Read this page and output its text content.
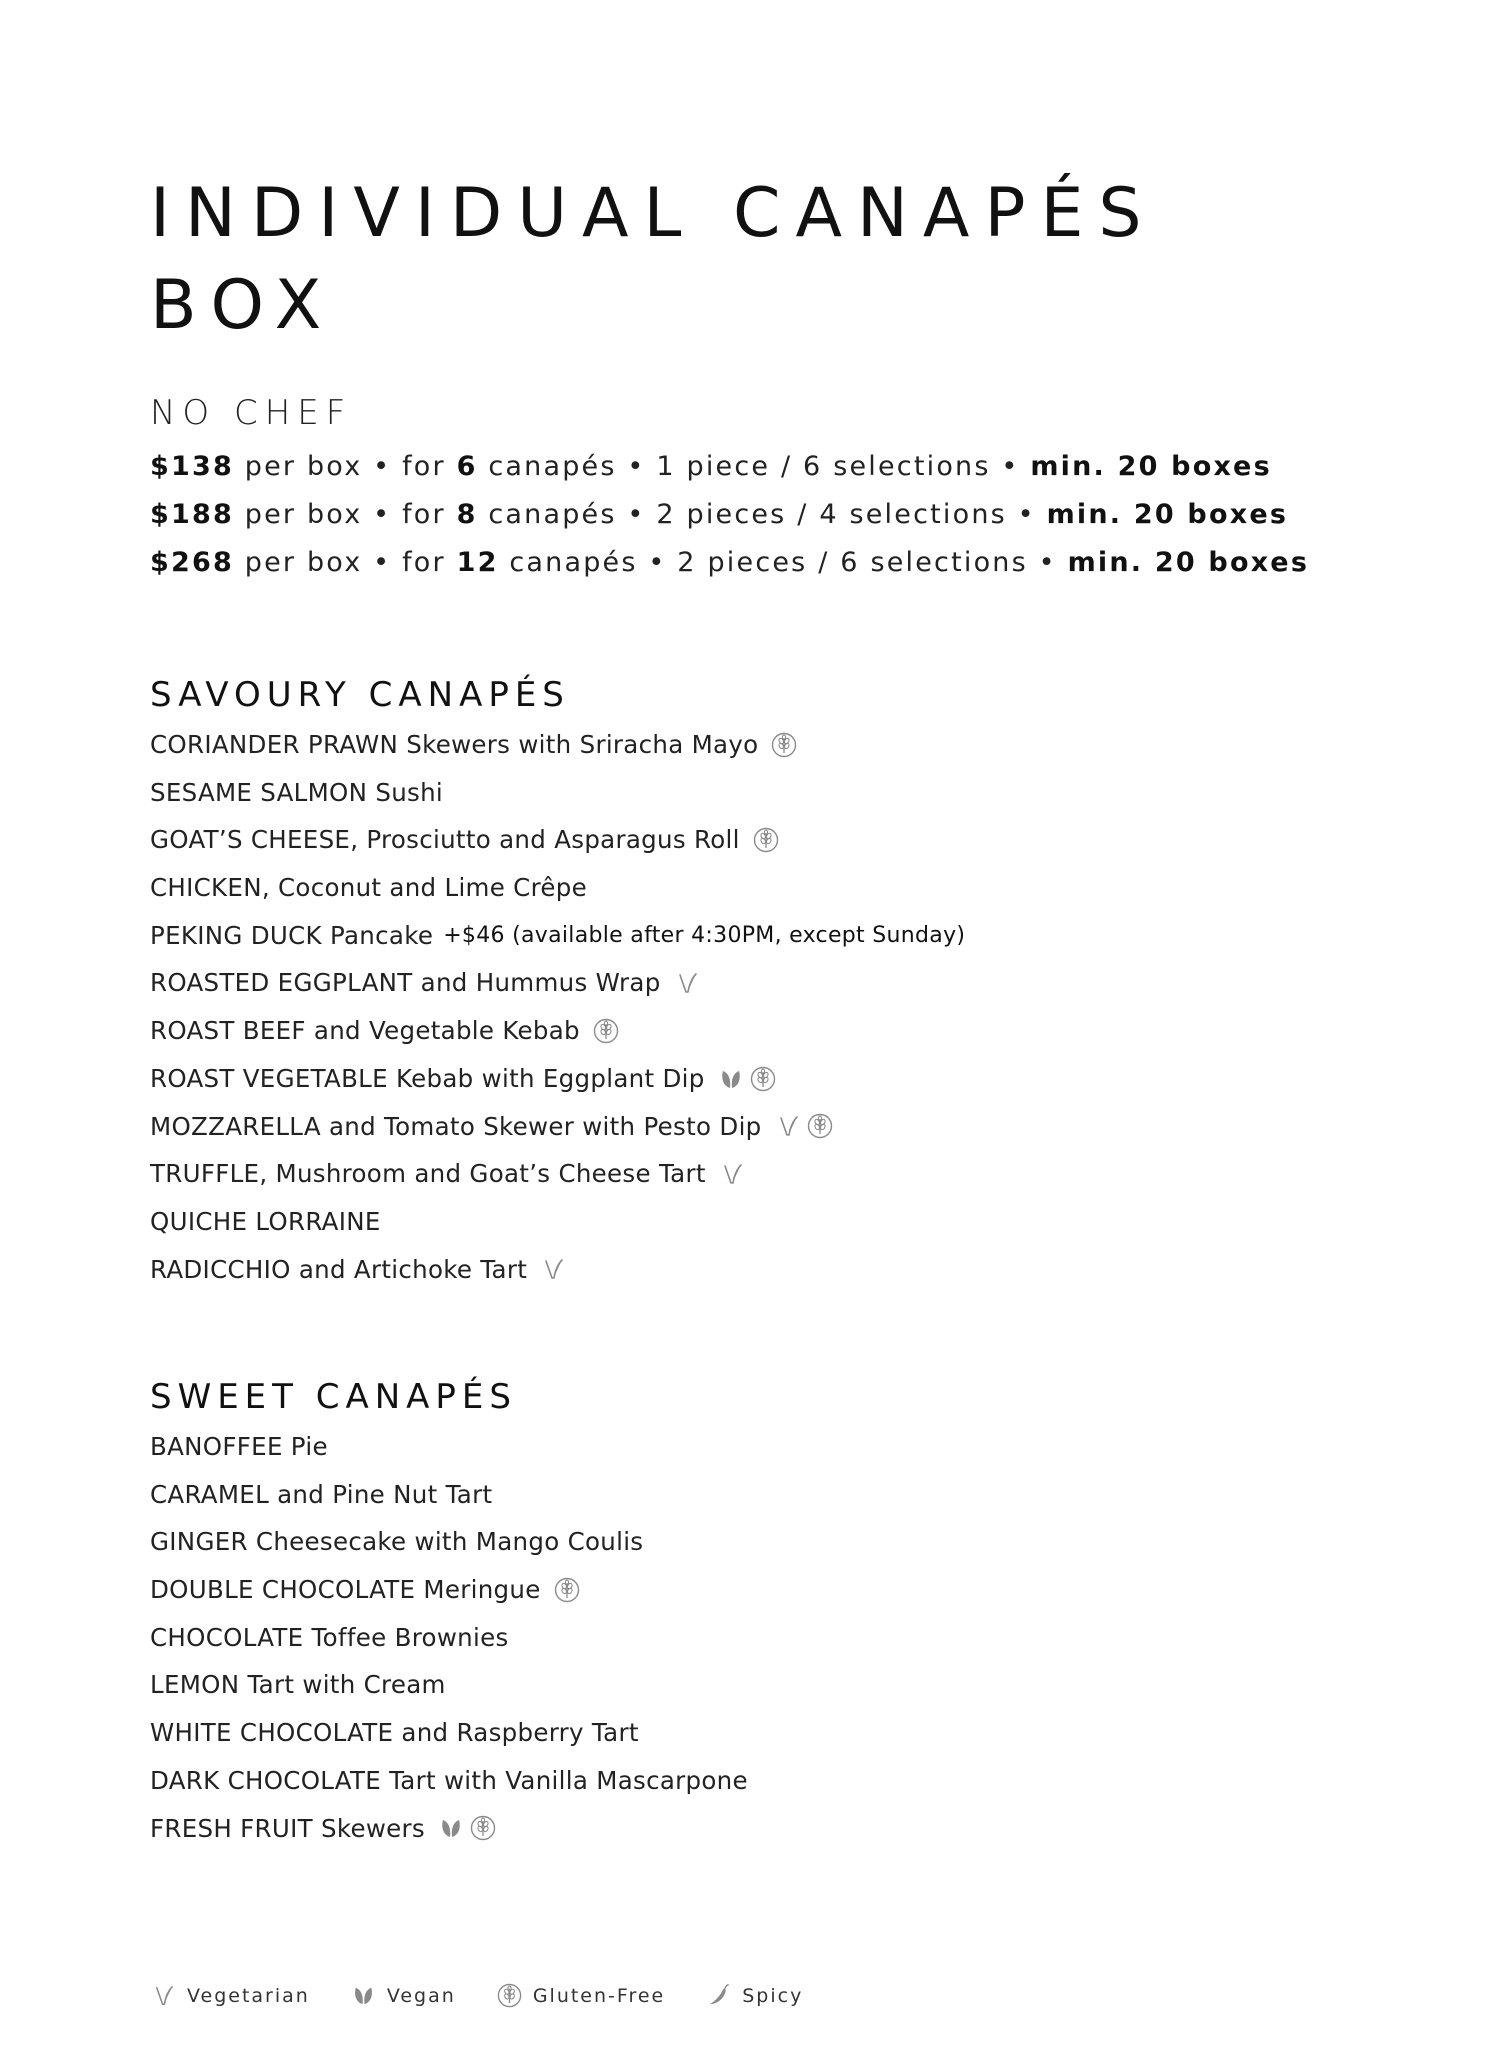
INDIVIDUAL CANAPÉS
BOX
NO CHEF
$138 per box • for 6 canapés • 1 piece / 6 selections • min. 20 boxes
$188 per box • for 8 canapés • 2 pieces / 4 selections • min. 20 boxes
$268 per box • for 12 canapés • 2 pieces / 6 selections • min. 20 boxes
SAVOURY CANAPÉS
CORIANDER PRAWN Skewers with Sriracha Mayo
SESAME SALMON Sushi
GOAT’S CHEESE, Prosciutto and Asparagus Roll
CHICKEN, Coconut and Lime Crêpe
PEKING DUCK Pancake +$46 (available after 4:30PM, except Sunday)
ROASTED EGGPLANT and Hummus Wrap
ROAST BEEF and Vegetable Kebab
ROAST VEGETABLE Kebab with Eggplant Dip
MOZZARELLA and Tomato Skewer with Pesto Dip
TRUFFLE, Mushroom and Goat’s Cheese Tart
QUICHE LORRAINE
RADICCHIO and Artichoke Tart
SWEET CANAPÉS
BANOFFEE Pie
CARAMEL and Pine Nut Tart
GINGER Cheesecake with Mango Coulis
DOUBLE CHOCOLATE Meringue
CHOCOLATE Toffee Brownies
LEMON Tart with Cream
WHITE CHOCOLATE and Raspberry Tart
DARK CHOCOLATE Tart with Vanilla Mascarpone
FRESH FRUIT Skewers
Vegetarian	Vegan	Gluten-Free	Spicy
